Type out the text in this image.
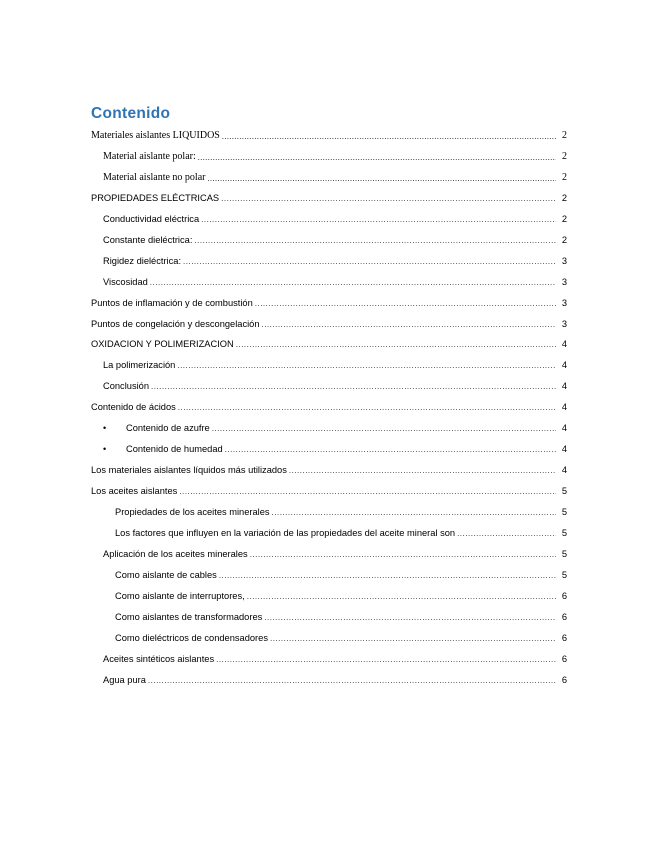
Contenido
Materiales aislantes LIQUIDOS .....	2
Material aislante polar: .....	2
Material aislante no polar .....	2
PROPIEDADES ELÉCTRICAS .....	2
Conductividad eléctrica .....	2
Constante dieléctrica: .....	2
Rigidez dieléctrica: .....	3
Viscosidad .....	3
Puntos de inflamación y de combustión .....	3
Puntos de congelación y descongelación .....	3
OXIDACION Y POLIMERIZACION .....	4
La polimerización .....	4
Conclusión .....	4
Contenido de ácidos .....	4
•	Contenido de azufre .....	4
•	Contenido de humedad .....	4
Los materiales aislantes líquidos más utilizados .....	4
Los aceites aislantes .....	5
Propiedades de los aceites minerales .....	5
Los factores que influyen en la variación de las propiedades del aceite mineral son .....	5
Aplicación de los aceites minerales .....	5
Como aislante de cables .....	5
Como aislante de interruptores, .....	6
Como aislantes de transformadores .....	6
Como dieléctricos de condensadores .....	6
Aceites sintéticos aislantes .....	6
Agua pura .....	6
